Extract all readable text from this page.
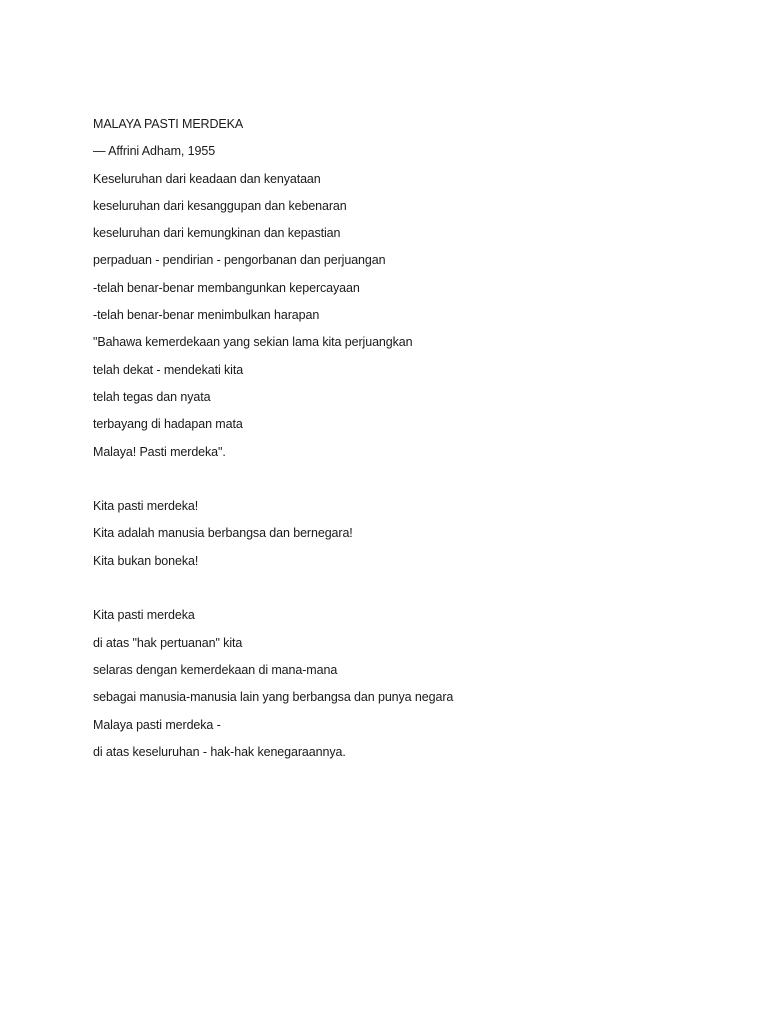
MALAYA PASTI MERDEKA
— Affrini Adham, 1955
Keseluruhan dari keadaan dan kenyataan
keseluruhan dari kesanggupan dan kebenaran
keseluruhan dari kemungkinan dan kepastian
perpaduan - pendirian - pengorbanan dan perjuangan
-telah benar-benar membangunkan kepercayaan
-telah benar-benar menimbulkan harapan
"Bahawa kemerdekaan yang sekian lama kita perjuangkan
telah dekat - mendekati kita
telah tegas dan nyata
terbayang di hadapan mata
Malaya! Pasti merdeka".
Kita pasti merdeka!
Kita adalah manusia berbangsa dan bernegara!
Kita bukan boneka!
Kita pasti merdeka
di atas "hak pertuanan" kita
selaras dengan kemerdekaan di mana-mana
sebagai manusia-manusia lain yang berbangsa dan punya negara
Malaya pasti merdeka -
di atas keseluruhan - hak-hak kenegaraannya.
